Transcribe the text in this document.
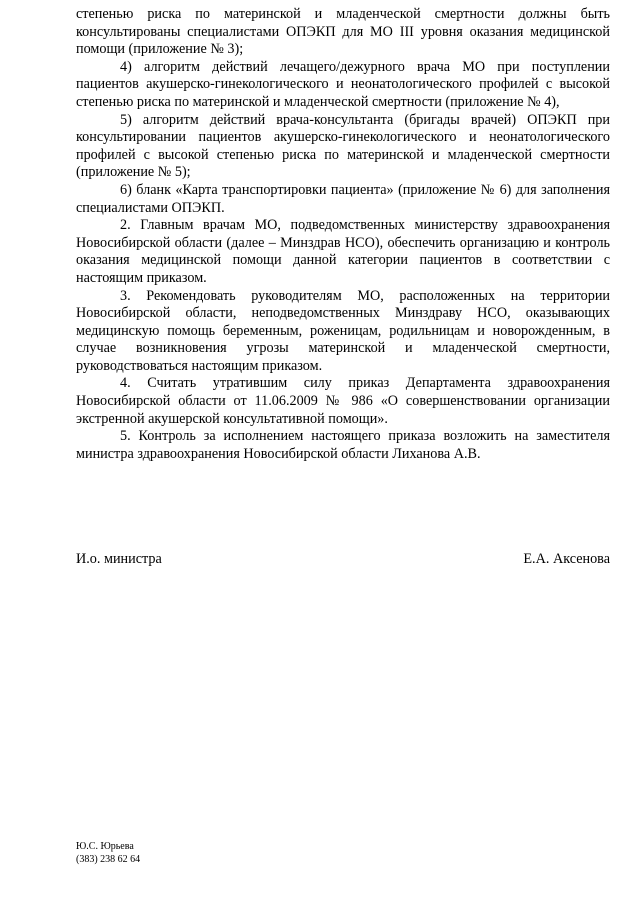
степенью риска по материнской и младенческой смертности должны быть консультированы специалистами ОПЭКП для МО III уровня оказания медицинской помощи (приложение № 3);

4) алгоритм действий лечащего/дежурного врача МО при поступлении пациентов акушерско-гинекологического и неонатологического профилей с высокой степенью риска по материнской и младенческой смертности (приложение № 4),

5) алгоритм действий врача-консультанта (бригады врачей) ОПЭКП при консультировании пациентов акушерско-гинекологического и неонатологического профилей с высокой степенью риска по материнской и младенческой смертности (приложение № 5);

6) бланк «Карта транспортировки пациента» (приложение № 6) для заполнения специалистами ОПЭКП.

2. Главным врачам МО, подведомственных министерству здравоохранения Новосибирской области (далее – Минздрав НСО), обеспечить организацию и контроль оказания медицинской помощи данной категории пациентов в соответствии с настоящим приказом.

3. Рекомендовать руководителям МО, расположенных на территории Новосибирской области, неподведомственных Минздраву НСО, оказывающих медицинскую помощь беременным, роженицам, родильницам и новорожденным, в случае возникновения угрозы материнской и младенческой смертности, руководствоваться настоящим приказом.

4. Считать утратившим силу приказ Департамента здравоохранения Новосибирской области от 11.06.2009 № 986 «О совершенствовании организации экстренной акушерской консультативной помощи».

5. Контроль за исполнением настоящего приказа возложить на заместителя министра здравоохранения Новосибирской области Лиханова А.В.

И.о. министра	Е.А. Аксенова
Ю.С. Юрьева
(383) 238 62 64
